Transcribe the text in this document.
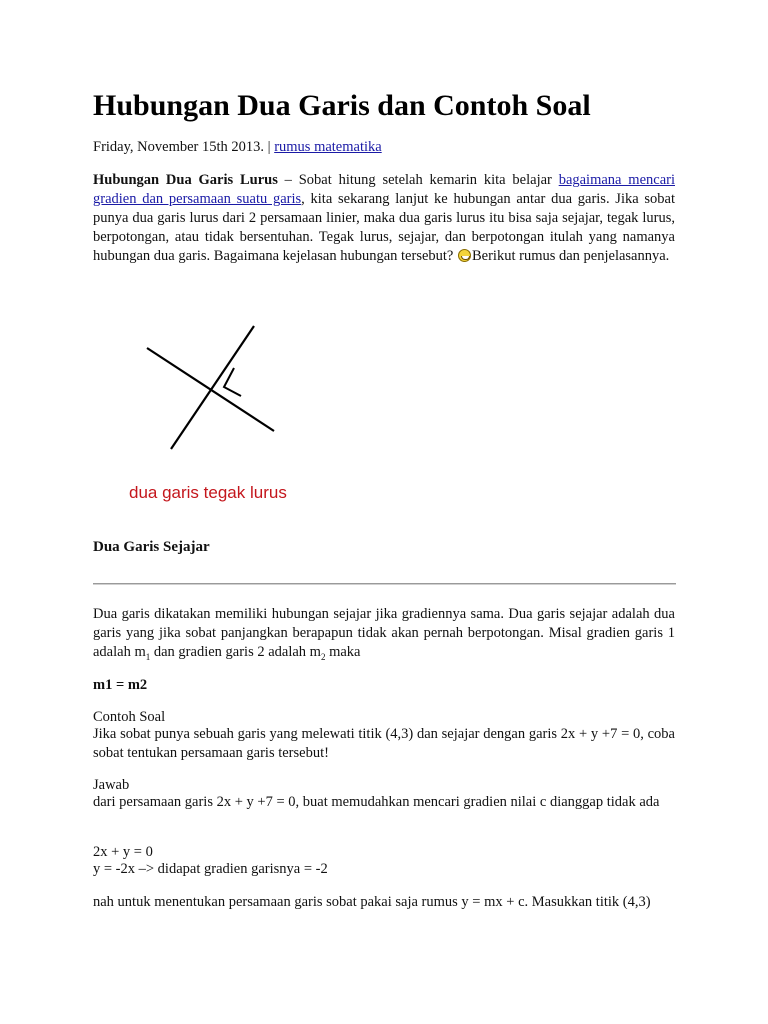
Hubungan Dua Garis dan Contoh Soal
Friday, November 15th 2013. | rumus matematika

Hubungan Dua Garis Lurus – Sobat hitung setelah kemarin kita belajar bagaimana mencari gradien dan persamaan suatu garis, kita sekarang lanjut ke hubungan antar dua garis. Jika sobat punya dua garis lurus dari 2 persamaan linier, maka dua garis lurus itu bisa saja sejajar, tegak lurus, berpotongan, atau tidak bersentuhan. Tegak lurus, sejajar, dan berpotongan itulah yang namanya hubungan dua garis. Bagaimana kejelasan hubungan tersebut? Berikut rumus dan penjelasannya.

dua garis tegak lurus
Dua Garis Sejajar

Dua garis dikatakan memiliki hubungan sejajar jika gradiennya sama. Dua garis sejajar adalah dua garis yang jika sobat panjangkan berapapun tidak akan pernah berpotongan. Misal gradien garis 1 adalah $m_1$ dan gradien garis 2 adalah $m_2$ maka

m1 = m2
Contoh Soal

Jika sobat punya sebuah garis yang melewati titik (4,3) dan sejajar dengan garis 2x + y +7 = 0, coba sobat tentukan persamaan garis tersebut!

Jawab

dari persamaan garis 2x + y +7 = 0, buat memudahkan mencari gradien nilai c dianggap tidak ada

2x + y = 0
y = -2x –> didapat gradien garisnya = -2

nah untuk menentukan persamaan garis sobat pakai saja rumus y = mx + c. Masukkan titik (4,3)
